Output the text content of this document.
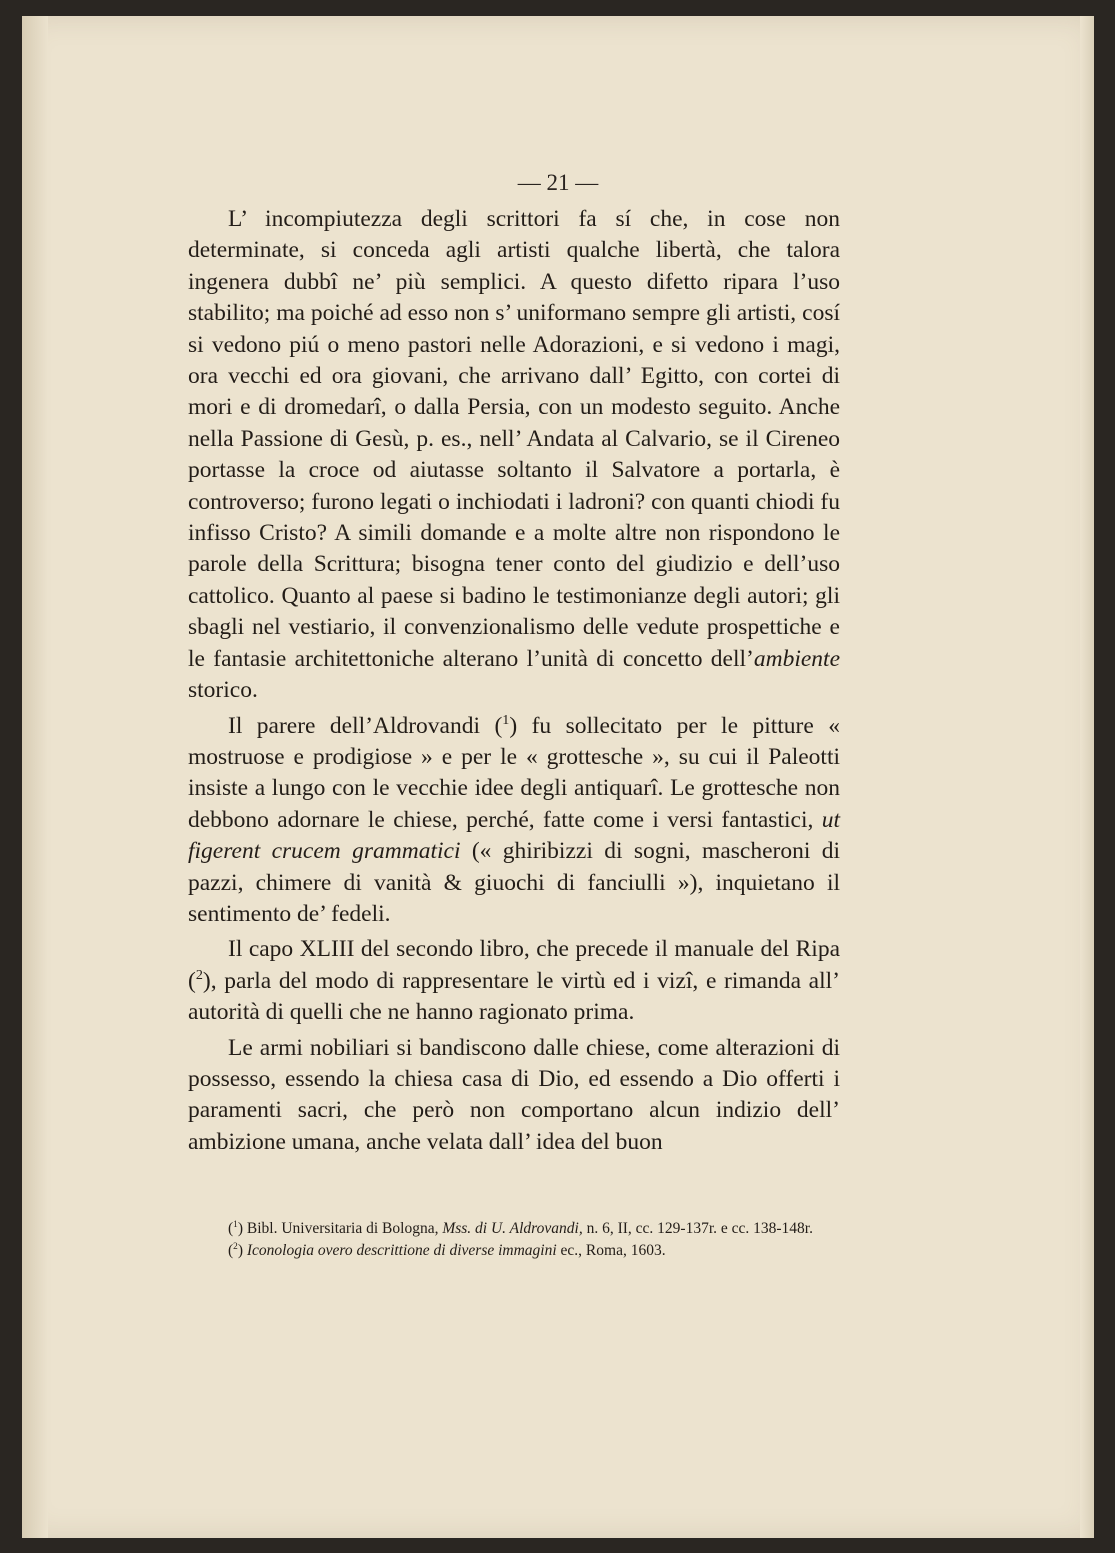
— 21 —

L’ incompiutezza degli scrittori fa sí che, in cose non determinate, si conceda agli artisti qualche libertà, che talora ingenera dubbî ne’ più semplici. A questo difetto ripara l’uso stabilito; ma poiché ad esso non s’ uniformano sempre gli artisti, cosí si vedono piú o meno pastori nelle Adorazioni, e si vedono i magi, ora vecchi ed ora giovani, che arrivano dall’ Egitto, con cortei di mori e di dromedarî, o dalla Persia, con un modesto seguito. Anche nella Passione di Gesù, p. es., nell’ Andata al Calvario, se il Cireneo portasse la croce od aiutasse soltanto il Salvatore a portarla, è controverso; furono legati o inchiodati i ladroni? con quanti chiodi fu infisso Cristo? A simili domande e a molte altre non rispondono le parole della Scrittura; bisogna tener conto del giudizio e dell’uso cattolico. Quanto al paese si badino le testimonianze degli autori; gli sbagli nel vestiario, il convenzionalismo delle vedute prospettiche e le fantasie architettoniche alterano l’unità di concetto dell’ambiente storico.

Il parere dell’Aldrovandi ($^1$) fu sollecitato per le pitture « mostruose e prodigiose » e per le « grottesche », su cui il Paleotti insiste a lungo con le vecchie idee degli antiquarî. Le grottesche non debbono adornare le chiese, perché, fatte come i versi fantastici, ut figerent crucem grammatici (« ghiribizzi di sogni, mascheroni di pazzi, chimere di vanità & giuochi di fanciulli »), inquietano il sentimento de’ fedeli.

Il capo XLIII del secondo libro, che precede il manuale del Ripa ($^2$), parla del modo di rappresentare le virtù ed i vizî, e rimanda all’ autorità di quelli che ne hanno ragionato prima.

Le armi nobiliari si bandiscono dalle chiese, come alterazioni di possesso, essendo la chiesa casa di Dio, ed essendo a Dio offerti i paramenti sacri, che però non comportano alcun indizio dell’ ambizione umana, anche velata dall’ idea del buon

($^1$) Bibl. Universitaria di Bologna, Mss. di U. Aldrovandi, n. 6, II, cc. 129-137r. e cc. 138-148r.

($^2$) Iconologia overo descrittione di diverse immagini ec., Roma, 1603.
